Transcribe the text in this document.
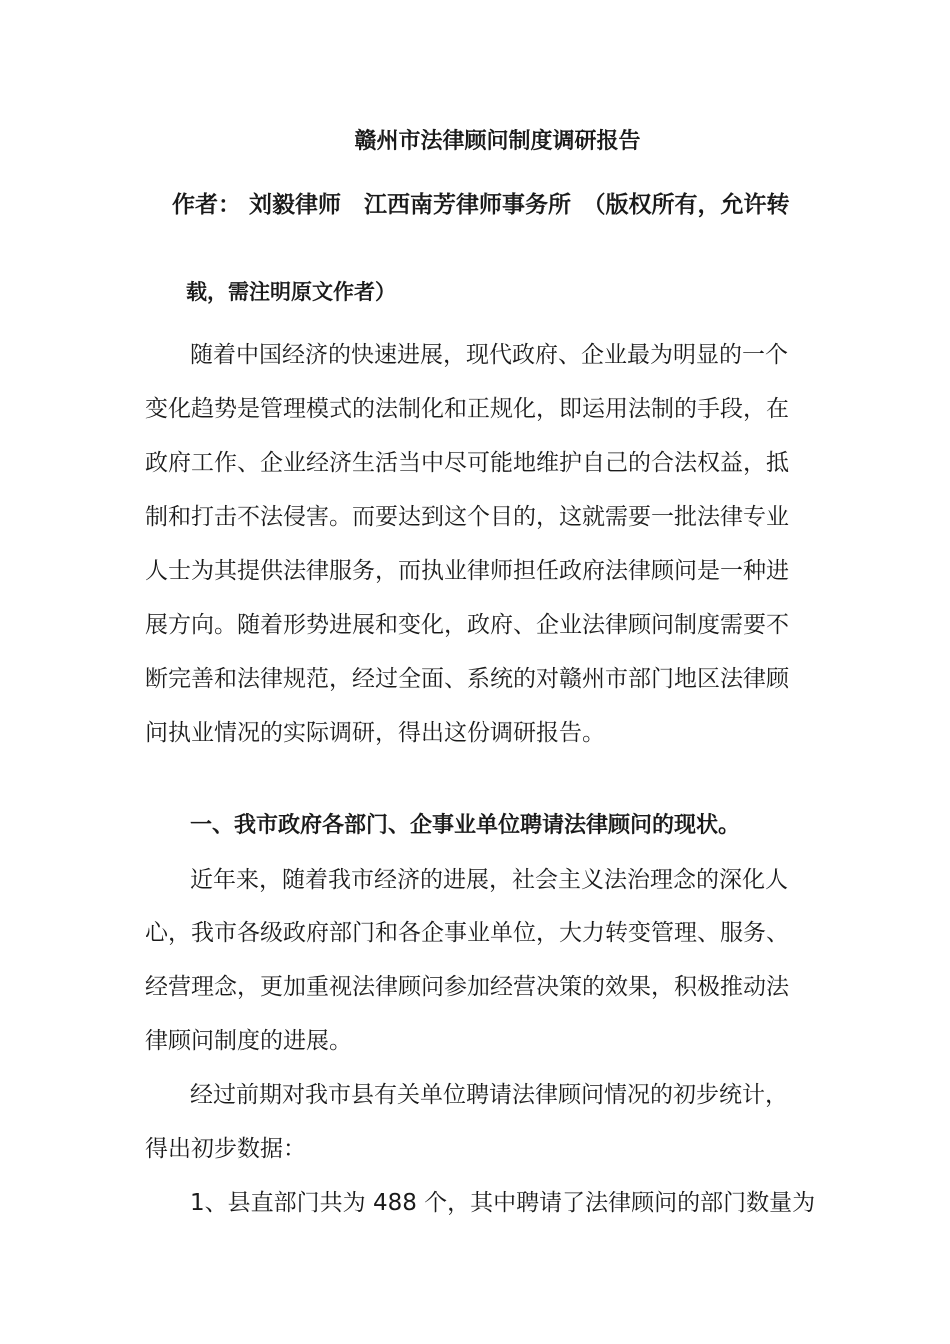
赣州市法律顾问制度调研报告
作者： 刘毅律师　江西南芳律师事务所　（版权所有，允许转
载，需注明原文作者）
随着中国经济的快速进展，现代政府、企业最为明显的一个
变化趋势是管理模式的法制化和正规化，即运用法制的手段，在
政府工作、企业经济生活当中尽可能地维护自己的合法权益，抵
制和打击不法侵害。而要达到这个目的，这就需要一批法律专业
人士为其提供法律服务，而执业律师担任政府法律顾问是一种进
展方向。随着形势进展和变化，政府、企业法律顾问制度需要不
断完善和法律规范，经过全面、系统的对赣州市部门地区法律顾
问执业情况的实际调研，得出这份调研报告。
一、我市政府各部门、企事业单位聘请法律顾问的现状。
近年来，随着我市经济的进展，社会主义法治理念的深化人
心，我市各级政府部门和各企事业单位，大力转变管理、服务、
经营理念，更加重视法律顾问参加经营决策的效果，积极推动法
律顾问制度的进展。
经过前期对我市县有关单位聘请法律顾问情况的初步统计，
得出初步数据：
1、县直部门共为 488 个，其中聘请了法律顾问的部门数量为
